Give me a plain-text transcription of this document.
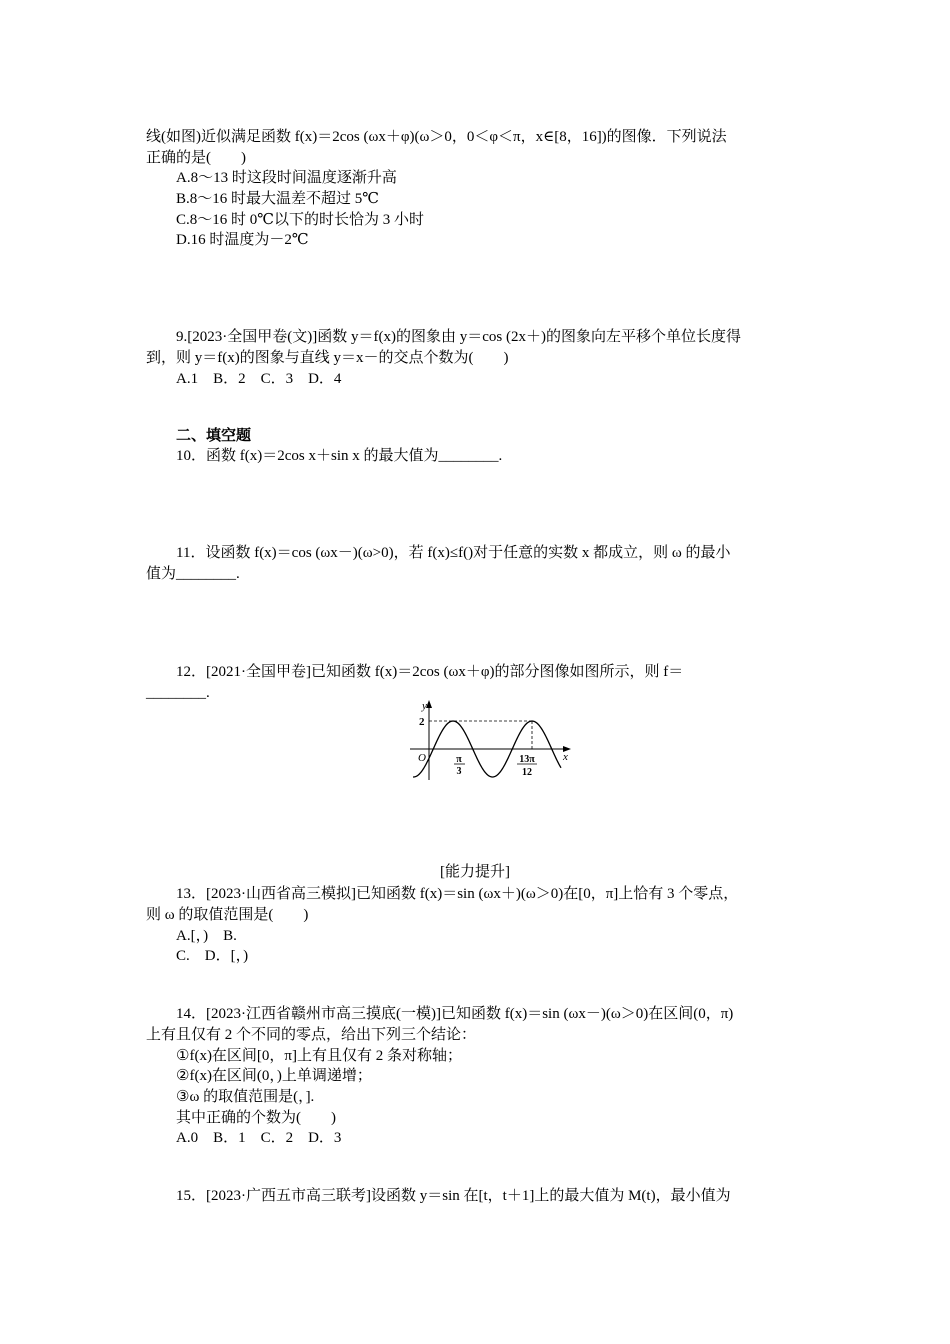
线(如图)近似满足函数 f(x)＝2cos (ωx＋φ)(ω＞0，0＜φ＜π，x∈[8，16])的图像．下列说法
正确的是(　　)
A.8～13 时这段时间温度逐渐升高
B.8～16 时最大温差不超过 5℃
C.8～16 时 0℃以下的时长恰为 3 小时
D.16 时温度为－2℃
9.[2023·全国甲卷(文)]函数 y＝f(x)的图象由 y＝cos (2x＋)的图象向左平移个单位长度得
到，则 y＝f(x)的图象与直线 y＝x－的交点个数为(　　)
A.1　B．2　C．3　D．4
二、填空题
10．函数 f(x)＝2cos x＋sin x 的最大值为________.
11．设函数 f(x)＝cos (ωx－)(ω>0)，若 f(x)≤f()对于任意的实数 x 都成立，则 ω 的最小
值为________.
12．[2021·全国甲卷]已知函数 f(x)＝2cos (ωx＋φ)的部分图像如图所示，则 f＝
________.
y
x
O
2
π
3
13π
12
[能力提升]
13．[2023·山西省高三模拟]已知函数 f(x)＝sin (ωx＋)(ω＞0)在[0，π]上恰有 3 个零点，
则 ω 的取值范围是(　　)
A.[，)　B.
C.　D．[，)
14．[2023·江西省赣州市高三摸底(一模)]已知函数 f(x)＝sin (ωx－)(ω＞0)在区间(0，π)
上有且仅有 2 个不同的零点，给出下列三个结论：
①f(x)在区间[0，π]上有且仅有 2 条对称轴；
②f(x)在区间(0，)上单调递增；
③ω 的取值范围是(，].
其中正确的个数为(　　)
A.0　B．1　C．2　D．3
15．[2023·广西五市高三联考]设函数 y＝sin 在[t，t＋1]上的最大值为 M(t)，最小值为
